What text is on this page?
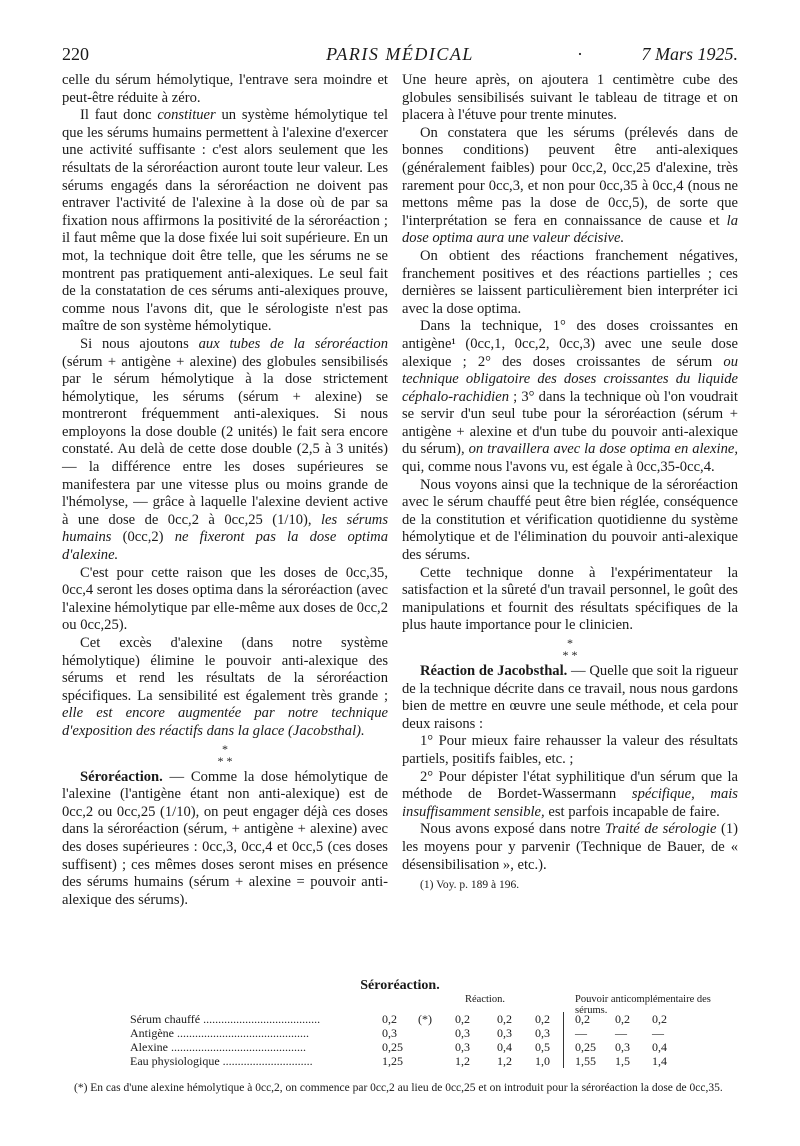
220	PARIS MÉDICAL	·	7 Mars 1925.

celle du sérum hémolytique, l'entrave sera moindre et peut-être réduite à zéro.

Il faut donc constituer un système hémolytique tel que les sérums humains permettent à l'alexine d'exercer une activité suffisante : c'est alors seulement que les résultats de la séroréaction auront toute leur valeur. Les sérums engagés dans la séroréaction ne doivent pas entraver l'activité de l'alexine à la dose où de par sa fixation nous affirmons la positivité de la séroréaction ; il faut même que la dose fixée lui soit supérieure. En un mot, la technique doit être telle, que les sérums ne se montrent pas pratiquement anti-alexiques. Le seul fait de la constatation de ces sérums anti-alexiques prouve, comme nous l'avons dit, que le sérologiste n'est pas maître de son système hémolytique.

Si nous ajoutons aux tubes de la séroréaction (sérum + antigène + alexine) des globules sensibilisés par le sérum hémolytique à la dose strictement hémolytique, les sérums (sérum + alexine) se montreront fréquemment anti-alexiques. Si nous employons la dose double (2 unités) le fait sera encore constaté. Au delà de cette dose double (2,5 à 3 unités) — la différence entre les doses supérieures se manifestera par une vitesse plus ou moins grande de l'hémolyse, — grâce à laquelle l'alexine devient active à une dose de 0cc,2 à 0cc,25 (1/10), les sérums humains (0cc,2) ne fixeront pas la dose optima d'alexine.

C'est pour cette raison que les doses de 0cc,35, 0cc,4 seront les doses optima dans la séroréaction (avec l'alexine hémolytique par elle-même aux doses de 0cc,2 ou 0cc,25).

Cet excès d'alexine (dans notre système hémolytique) élimine le pouvoir anti-alexique des sérums et rend les résultats de la séroréaction spécifiques. La sensibilité est également très grande ; elle est encore augmentée par notre technique d'exposition des réactifs dans la glace (Jacobsthal).

*
* *

Séroréaction. — Comme la dose hémolytique de l'alexine (l'antigène étant non anti-alexique) est de 0cc,2 ou 0cc,25 (1/10), on peut engager déjà ces doses dans la séroréaction (sérum, + antigène + alexine) avec des doses supérieures : 0cc,3, 0cc,4 et 0cc,5 (ces doses suffisent) ; ces mêmes doses seront mises en présence des sérums humains (sérum + alexine = pouvoir anti-alexique des sérums).

Une heure après, on ajoutera 1 centimètre cube des globules sensibilisés suivant le tableau de titrage et on placera à l'étuve pour trente minutes.

On constatera que les sérums (prélevés dans de bonnes conditions) peuvent être anti-alexiques (généralement faibles) pour 0cc,2, 0cc,25 d'alexine, très rarement pour 0cc,3, et non pour 0cc,35 à 0cc,4 (nous ne mettons même pas la dose de 0cc,5), de sorte que l'interprétation se fera en connaissance de cause et la dose optima aura une valeur décisive.

On obtient des réactions franchement négatives, franchement positives et des réactions partielles ; ces dernières se laissent particulièrement bien interpréter ici avec la dose optima.

Dans la technique, 1° des doses croissantes en antigène¹ (0cc,1, 0cc,2, 0cc,3) avec une seule dose alexique ; 2° des doses croissantes de sérum ou technique obligatoire des doses croissantes du liquide céphalo-rachidien ; 3° dans la technique où l'on voudrait se servir d'un seul tube pour la séroréaction (sérum + antigène + alexine et d'un tube du pouvoir anti-alexique du sérum), on travaillera avec la dose optima en alexine, qui, comme nous l'avons vu, est égale à 0cc,35-0cc,4.

Nous voyons ainsi que la technique de la séroréaction avec le sérum chauffé peut être bien réglée, conséquence de la constitution et vérification quotidienne du système hémolytique et de l'élimination du pouvoir anti-alexique des sérums.

Cette technique donne à l'expérimentateur la satisfaction et la sûreté d'un travail personnel, le goût des manipulations et fournit des résultats spécifiques de la plus haute importance pour le clinicien.

*
* *

Réaction de Jacobsthal. — Quelle que soit la rigueur de la technique décrite dans ce travail, nous nous gardons bien de mettre en œuvre une seule méthode, et cela pour deux raisons :

1° Pour mieux faire rehausser la valeur des résultats partiels, positifs faibles, etc. ;

2° Pour dépister l'état syphilitique d'un sérum que la méthode de Bordet-Wassermann spécifique, mais insuffisamment sensible, est parfois incapable de faire.

Nous avons exposé dans notre Traité de sérologie (1) les moyens pour y parvenir (Technique de Bauer, de « désensibilisation », etc.).

(1) Voy. p. 189 à 196.
Séroréaction.
Réaction.	Pouvoir anticomplémentaire des sérums.
Sérum chauffé .......................................	0,2 (*) 0,2 0,2 0,2 0,2 0,2 0,2
Antigène ............................................	0,3	0,3 0,3 0,3 — — —
Alexine .............................................	0,25	0,3 0,4 0,5 0,25 0,3 0,4
Eau physiologique ..............................	1,25	1,2 1,2 1,0 1,55 1,5 1,4
(*) En cas d'une alexine hémolytique à 0cc,2, on commence par 0cc,2 au lieu de 0cc,25 et on introduit pour la séroréaction la dose de 0cc,35.
